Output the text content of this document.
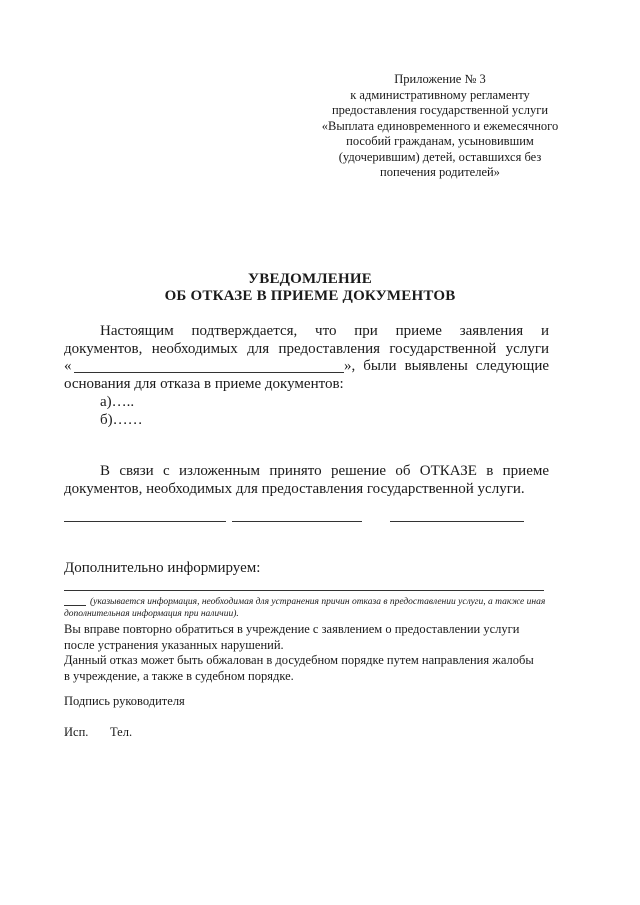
Приложение № 3
к административному регламенту
предоставления государственной услуги
«Выплата единовременного и ежемесячного
пособий гражданам, усыновившим
(удочерившим) детей, оставшихся без
попечения родителей»
УВЕДОМЛЕНИЕ
ОБ ОТКАЗЕ В ПРИЕМЕ ДОКУМЕНТОВ
Настоящим подтверждается, что при приеме заявления и
документов, необходимых для предоставления государственной услуги
«	», были выявлены следующие
основания для отказа в приеме документов:
а)…..
б)……
В связи с изложенным принято решение об ОТКАЗЕ в приеме
документов, необходимых для предоставления государственной услуги.
Дополнительно информируем:
(указывается информация, необходимая для устранения причин отказа в предоставлении услуги, а также иная дополнительная информация при наличии).
Вы вправе повторно обратиться в учреждение с заявлением о предоставлении услуги после устранения указанных нарушений.
Данный отказ может быть обжалован в досудебном порядке путем направления жалобы в учреждение, а также в судебном порядке.
Подпись руководителя
Исп. Тел.
